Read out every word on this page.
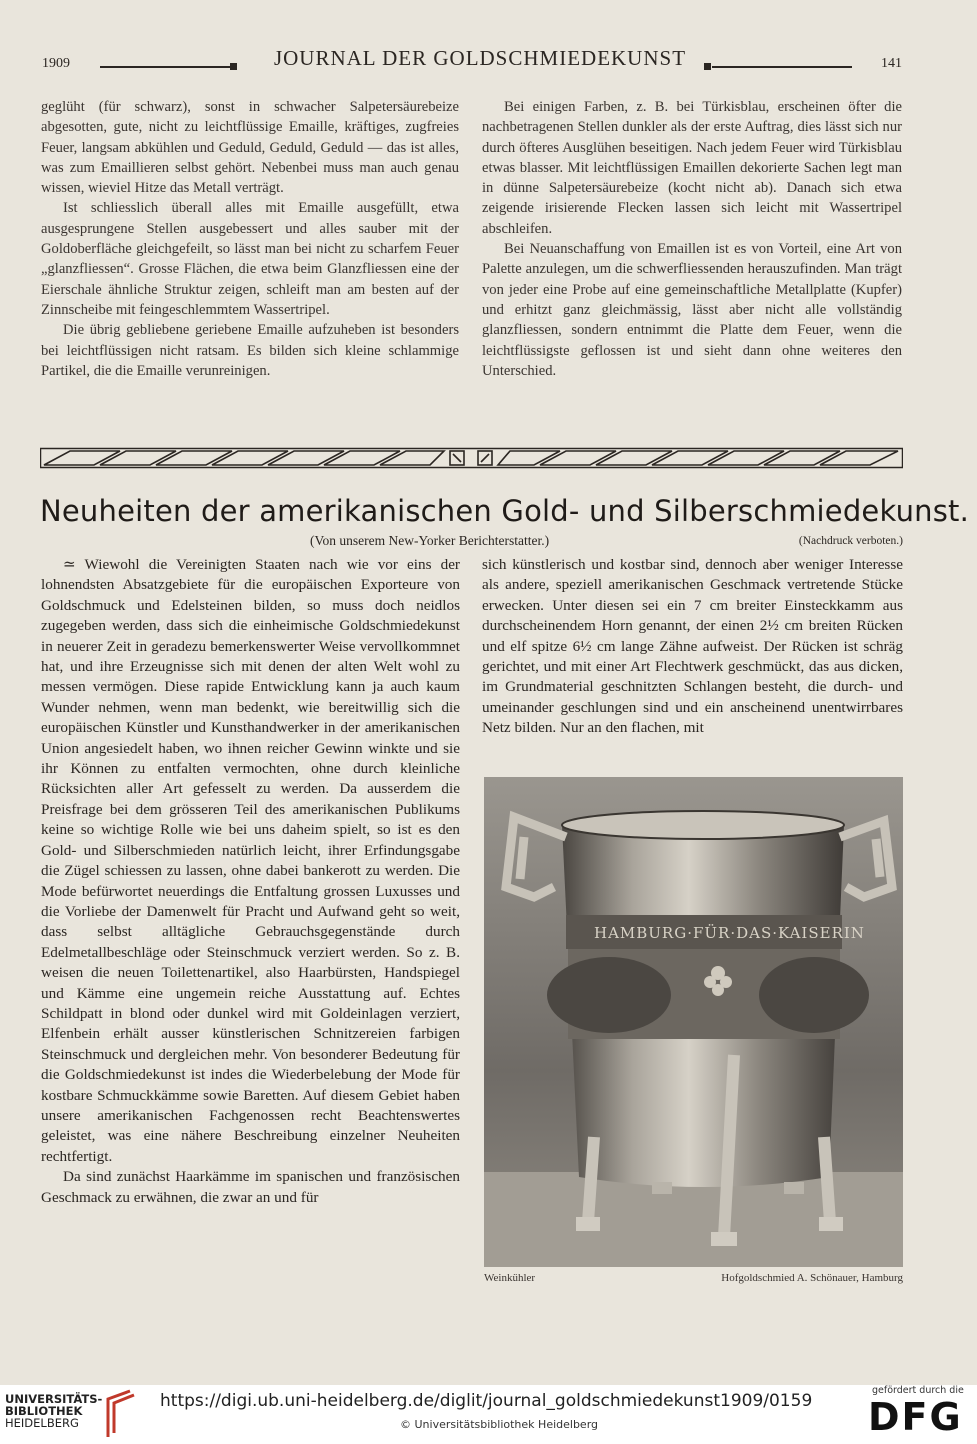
1909	JOURNAL DER GOLDSCHMIEDEKUNST	141

geglüht (für schwarz), sonst in schwacher Salpetersäurebeize abgesotten, gute, nicht zu leichtflüssige Emaille, kräftiges, zugfreies Feuer, langsam abkühlen und Geduld, Geduld, Geduld — das ist alles, was zum Emaillieren selbst gehört. Nebenbei muss man auch genau wissen, wieviel Hitze das Metall verträgt.

Ist schliesslich überall alles mit Emaille ausgefüllt, etwa ausgesprungene Stellen ausgebessert und alles sauber mit der Goldoberfläche gleichgefeilt, so lässt man bei nicht zu scharfem Feuer „glanzfliessen“. Grosse Flächen, die etwa beim Glanzfliessen eine der Eierschale ähnliche Struktur zeigen, schleift man am besten auf der Zinnscheibe mit feingeschlemmtem Wassertripel.

Die übrig gebliebene geriebene Emaille aufzuheben ist besonders bei leichtflüssigen nicht ratsam. Es bilden sich kleine schlammige Partikel, die die Emaille verunreinigen.

Bei einigen Farben, z. B. bei Türkisblau, erscheinen öfter die nachbetragenen Stellen dunkler als der erste Auftrag, dies lässt sich nur durch öfteres Ausglühen beseitigen. Nach jedem Feuer wird Türkisblau etwas blasser. Mit leichtflüssigen Emaillen dekorierte Sachen legt man in dünne Salpetersäurebeize (kocht nicht ab). Danach sich etwa zeigende irisierende Flecken lassen sich leicht mit Wassertripel abschleifen.

Bei Neuanschaffung von Emaillen ist es von Vorteil, eine Art von Palette anzulegen, um die schwerfliessenden herauszufinden. Man trägt von jeder eine Probe auf eine gemeinschaftliche Metallplatte (Kupfer) und erhitzt ganz gleichmässig, lässt aber nicht alle vollständig glanzfliessen, sondern entnimmt die Platte dem Feuer, wenn die leichtflüssigste geflossen ist und sieht dann ohne weiteres den Unterschied.

Neuheiten der amerikanischen Gold- und Silberschmiedekunst.
(Von unserem New-Yorker Berichterstatter.)	(Nachdruck verboten.)

≃ Wiewohl die Vereinigten Staaten nach wie vor eins der lohnendsten Absatzgebiete für die europäischen Exporteure von Goldschmuck und Edelsteinen bilden, so muss doch neidlos zugegeben werden, dass sich die einheimische Goldschmiedekunst in neuerer Zeit in geradezu bemerkenswerter Weise vervollkommnet hat, und ihre Erzeugnisse sich mit denen der alten Welt wohl zu messen vermögen. Diese rapide Entwicklung kann ja auch kaum Wunder nehmen, wenn man bedenkt, wie bereitwillig sich die europäischen Künstler und Kunsthandwerker in der amerikanischen Union angesiedelt haben, wo ihnen reicher Gewinn winkte und sie ihr Können zu entfalten vermochten, ohne durch kleinliche Rücksichten aller Art gefesselt zu werden. Da ausserdem die Preisfrage bei dem grösseren Teil des amerikanischen Publikums keine so wichtige Rolle wie bei uns daheim spielt, so ist es den Gold- und Silberschmieden natürlich leicht, ihrer Erfindungsgabe die Zügel schiessen zu lassen, ohne dabei bankerott zu werden. Die Mode befürwortet neuerdings die Entfaltung grossen Luxusses und die Vorliebe der Damenwelt für Pracht und Aufwand geht so weit, dass selbst alltägliche Gebrauchsgegenstände durch Edelmetallbeschläge oder Steinschmuck verziert werden. So z. B. weisen die neuen Toilettenartikel, also Haarbürsten, Handspiegel und Kämme eine ungemein reiche Ausstattung auf. Echtes Schildpatt in blond oder dunkel wird mit Goldeinlagen verziert, Elfenbein erhält ausser künstlerischen Schnitzereien farbigen Steinschmuck und dergleichen mehr. Von besonderer Bedeutung für die Goldschmiedekunst ist indes die Wiederbelebung der Mode für kostbare Schmuckkämme sowie Baretten. Auf diesem Gebiet haben unsere amerikanischen Fachgenossen recht Beachtenswertes geleistet, was eine nähere Beschreibung einzelner Neuheiten rechtfertigt.

Da sind zunächst Haarkämme im spanischen und französischen Geschmack zu erwähnen, die zwar an und für

sich künstlerisch und kostbar sind, dennoch aber weniger Interesse als andere, speziell amerikanischen Geschmack vertretende Stücke erwecken. Unter diesen sei ein 7 cm breiter Einsteckkamm aus durchscheinendem Horn genannt, der einen 2½ cm breiten Rücken und elf spitze 6½ cm lange Zähne aufweist. Der Rücken ist schräg gerichtet, und mit einer Art Flechtwerk geschmückt, das aus dicken, im Grundmaterial geschnitzten Schlangen besteht, die durch- und umeinander geschlungen sind und ein anscheinend unentwirrbares Netz bilden. Nur an den flachen, mit

HAMBURG·FÜR·DAS·KAISERIN
Weinkühler	Hofgoldschmied A. Schönauer, Hamburg
UNIVERSITÄTS-
BIBLIOTHEK
HEIDELBERG
https://digi.ub.uni-heidelberg.de/diglit/journal_goldschmiedekunst1909/0159
© Universitätsbibliothek Heidelberg
gefördert durch die
DFG
